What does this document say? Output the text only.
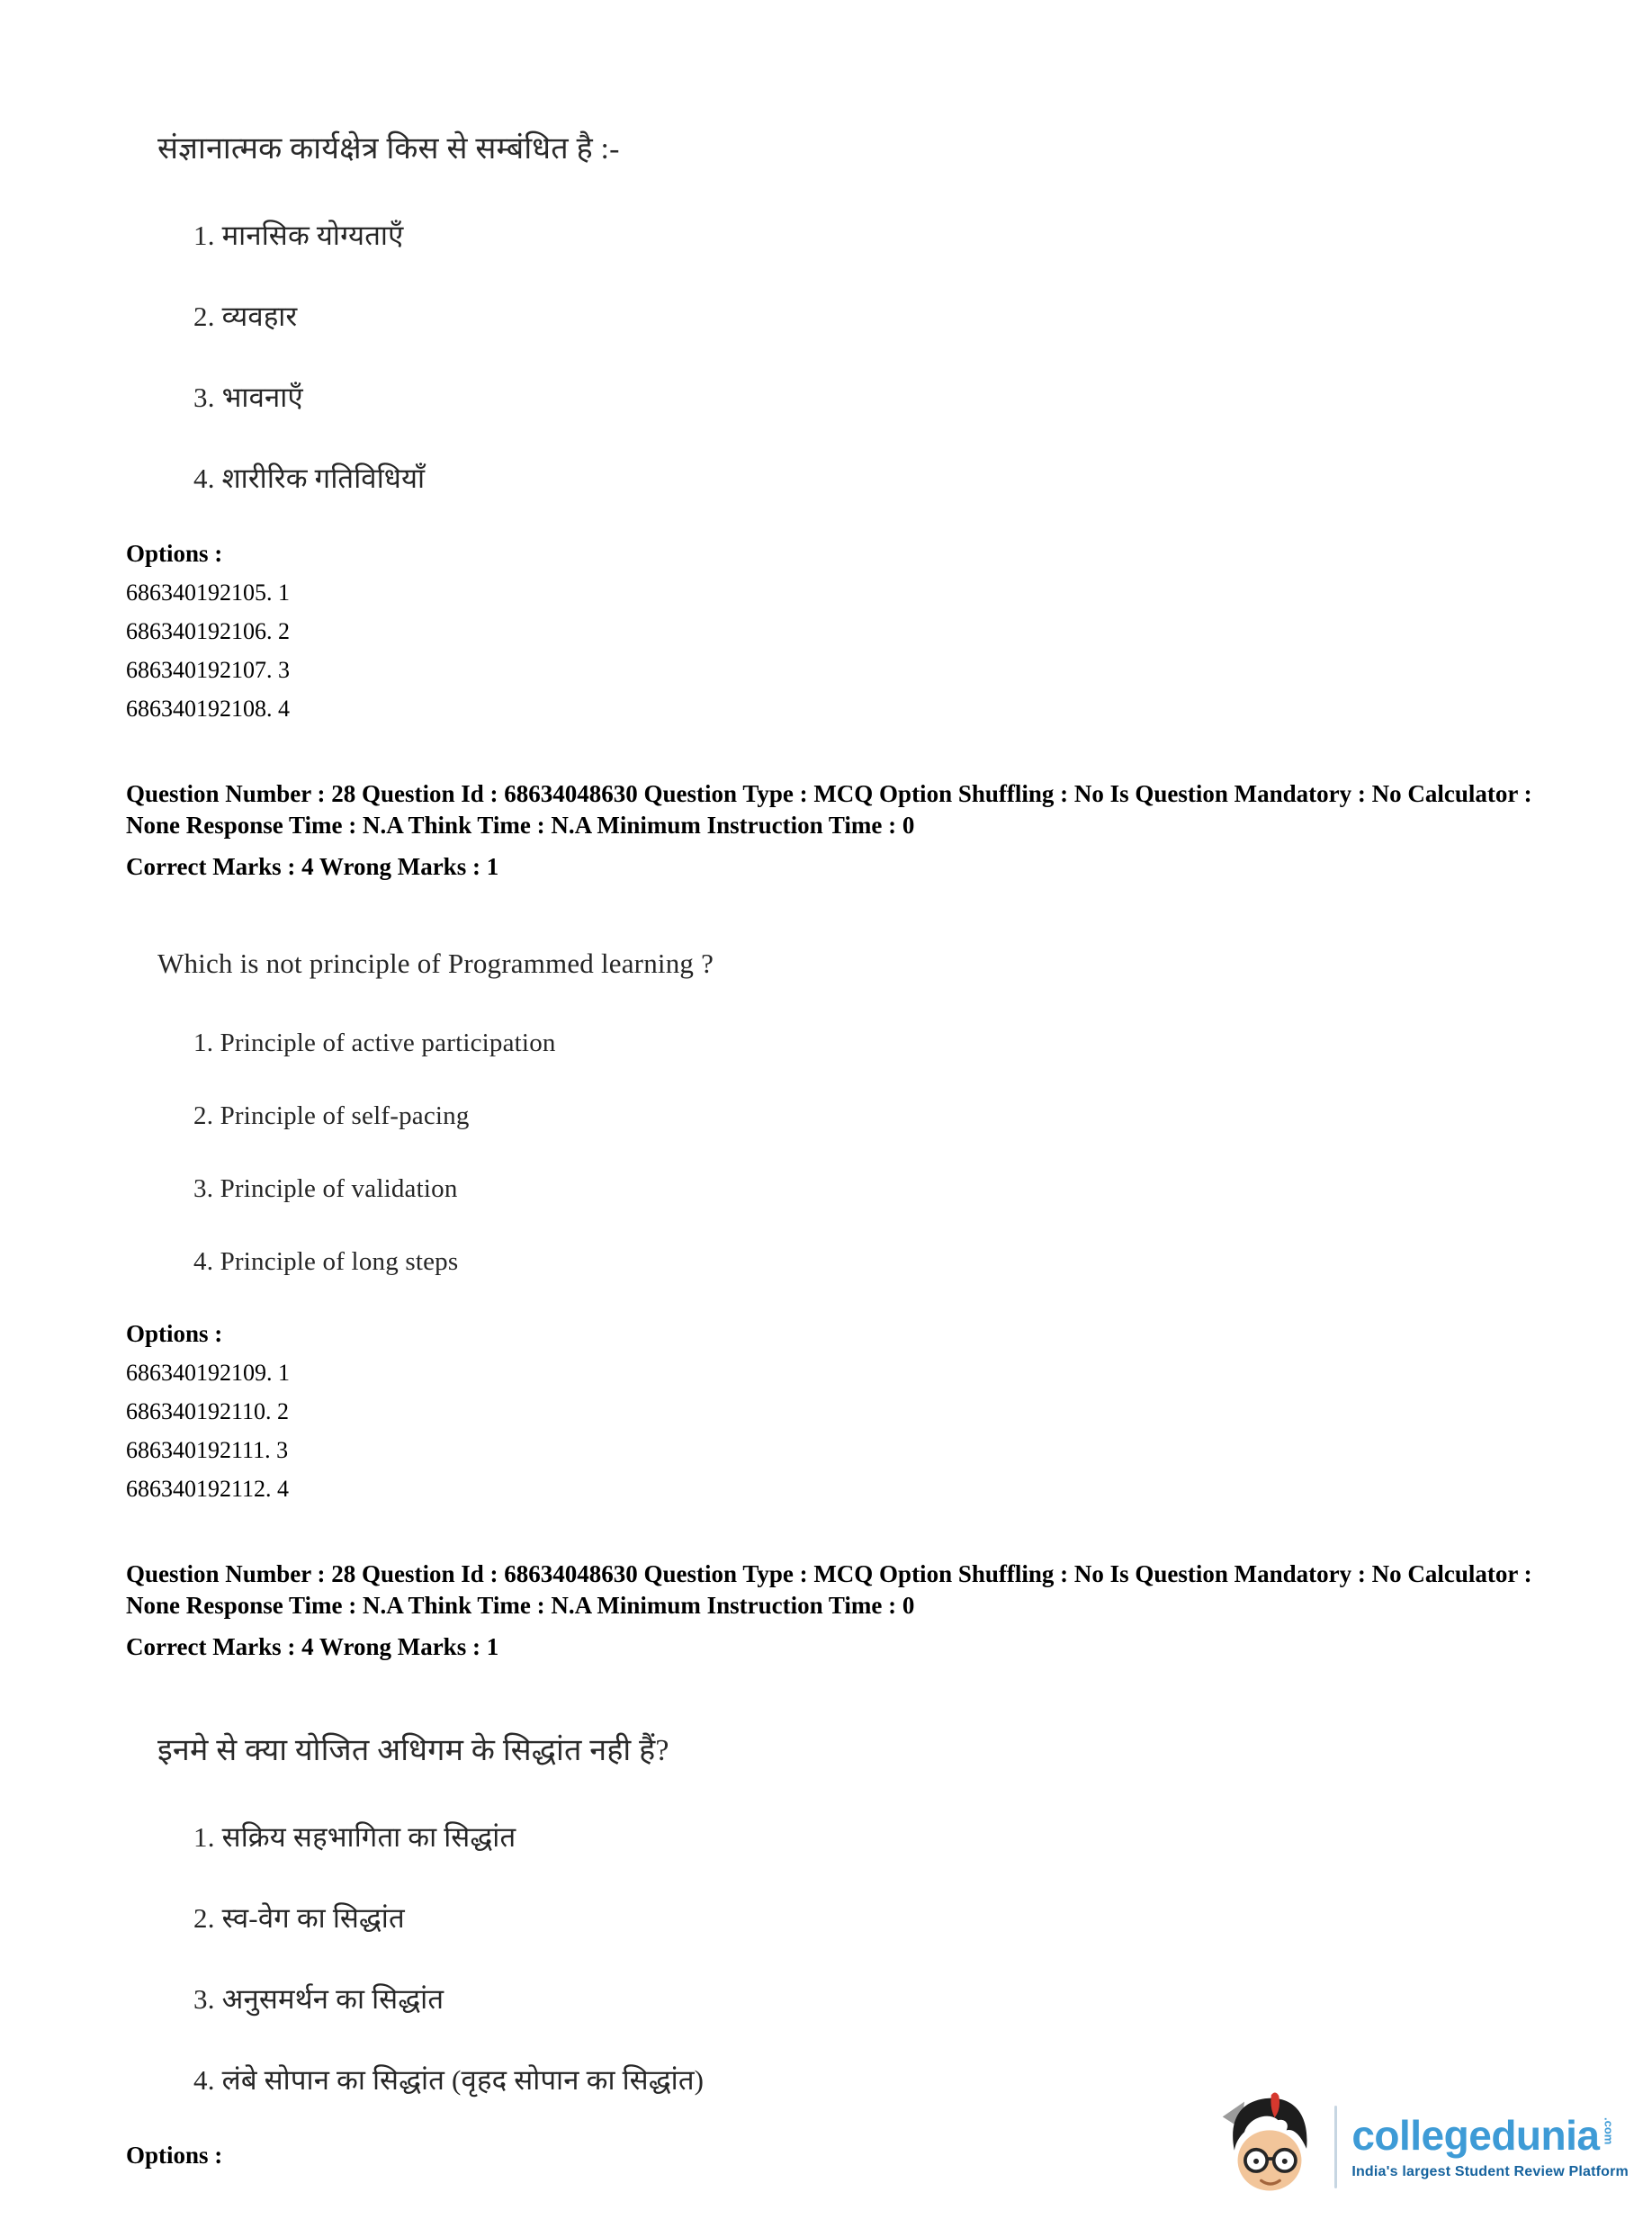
संज्ञानात्मक कार्यक्षेत्र किस से सम्बंधित है :-

1. मानसिक योग्यताएँ

2. व्यवहार

3. भावनाएँ

4. शारीरिक गतिविधियाँ

Options :

686340192105. 1

686340192106. 2

686340192107. 3

686340192108. 4

Question Number : 28 Question Id : 68634048630 Question Type : MCQ Option Shuffling : No Is Question Mandatory : No Calculator : None Response Time : N.A Think Time : N.A Minimum Instruction Time : 0

Correct Marks : 4 Wrong Marks : 1

Which is not principle of Programmed learning ?

1. Principle of active participation

2. Principle of self-pacing

3. Principle of validation

4. Principle of long steps

Options :

686340192109. 1

686340192110. 2

686340192111. 3

686340192112. 4

Question Number : 28 Question Id : 68634048630 Question Type : MCQ Option Shuffling : No Is Question Mandatory : No Calculator : None Response Time : N.A Think Time : N.A Minimum Instruction Time : 0

Correct Marks : 4 Wrong Marks : 1

इनमे से क्या योजित अधिगम के सिद्धांत नही हैं?

1. सक्रिय सहभागिता का सिद्धांत

2. स्व-वेग का सिद्धांत

3. अनुसमर्थन का सिद्धांत

4. लंबे सोपान का सिद्धांत (वृहद सोपान का सिद्धांत)

Options :	collegedunia .com
India's largest Student Review Platform
